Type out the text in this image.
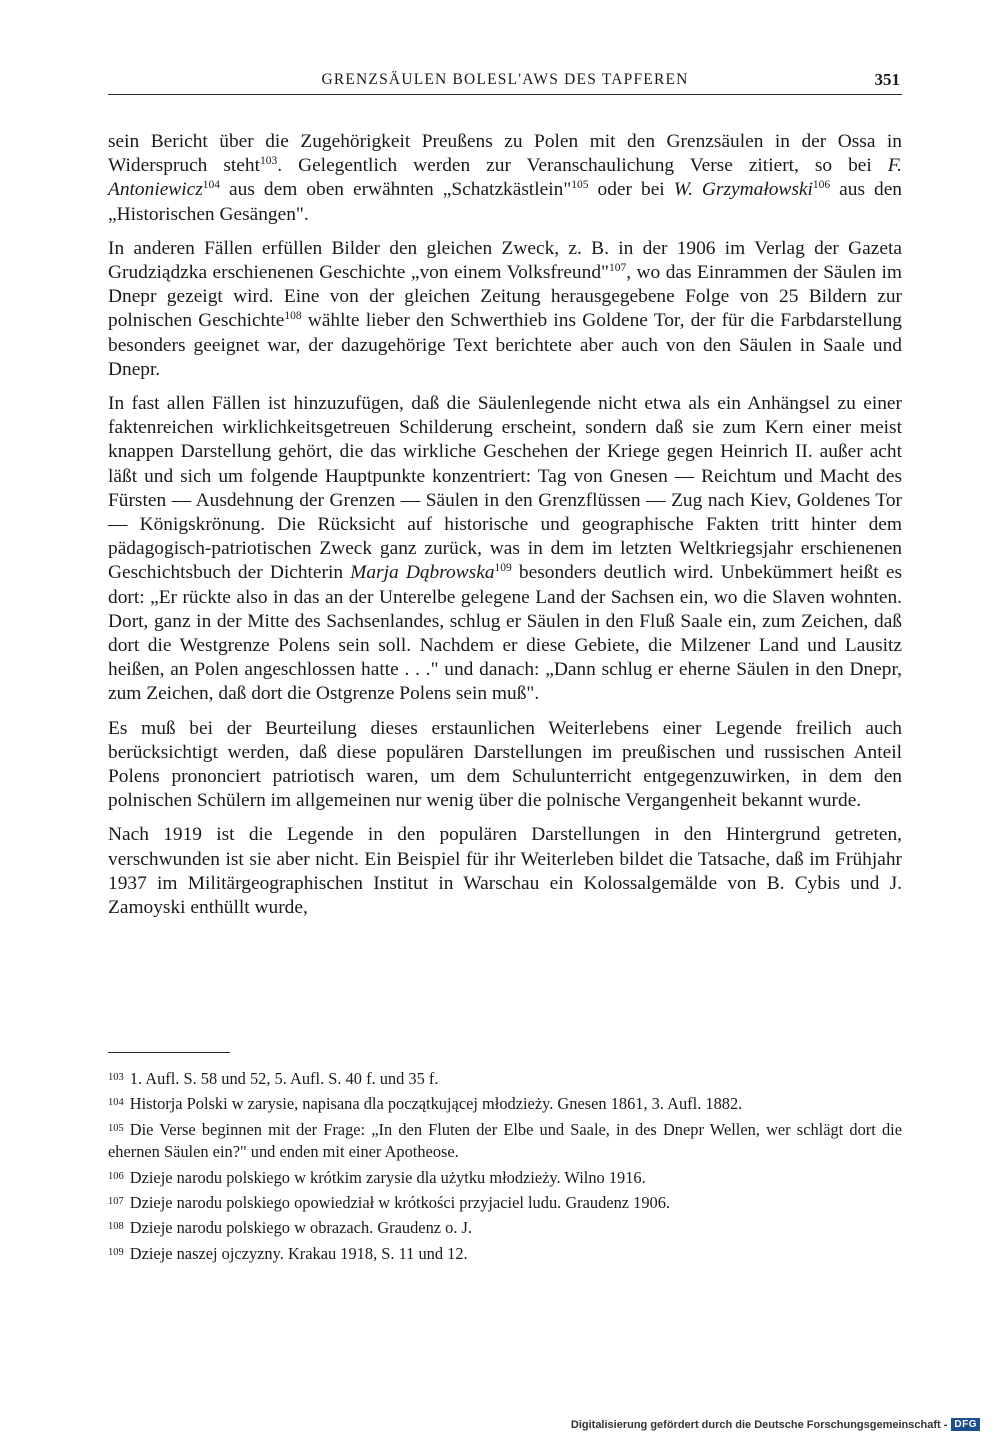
GRENZSÄULEN BOLESL'AWS DES TAPFEREN	351

sein Bericht über die Zugehörigkeit Preußens zu Polen mit den Grenzsäulen in der Ossa in Widerspruch steht$^{103}$. Gelegentlich werden zur Veranschaulichung Verse zitiert, so bei F. Antoniewicz$^{104}$ aus dem oben erwähnten „Schatzkästlein"$^{105}$ oder bei W. Grzymałowski$^{106}$ aus den „Historischen Gesängen".

In anderen Fällen erfüllen Bilder den gleichen Zweck, z. B. in der 1906 im Verlag der Gazeta Grudziądzka erschienenen Geschichte „von einem Volksfreund"$^{107}$, wo das Einrammen der Säulen im Dnepr gezeigt wird. Eine von der gleichen Zeitung herausgegebene Folge von 25 Bildern zur polnischen Geschichte$^{108}$ wählte lieber den Schwerthieb ins Goldene Tor, der für die Farbdarstellung besonders geeignet war, der dazugehörige Text berichtete aber auch von den Säulen in Saale und Dnepr.

In fast allen Fällen ist hinzuzufügen, daß die Säulenlegende nicht etwa als ein Anhängsel zu einer faktenreichen wirklichkeitsgetreuen Schilderung erscheint, sondern daß sie zum Kern einer meist knappen Darstellung gehört, die das wirkliche Geschehen der Kriege gegen Heinrich II. außer acht läßt und sich um folgende Hauptpunkte konzentriert: Tag von Gnesen — Reichtum und Macht des Fürsten — Ausdehnung der Grenzen — Säulen in den Grenzflüssen — Zug nach Kiev, Goldenes Tor — Königskrönung. Die Rücksicht auf historische und geographische Fakten tritt hinter dem pädagogisch-patriotischen Zweck ganz zurück, was in dem im letzten Weltkriegsjahr erschienenen Geschichtsbuch der Dichterin Marja Dąbrowska$^{109}$ besonders deutlich wird. Unbekümmert heißt es dort: „Er rückte also in das an der Unterelbe gelegene Land der Sachsen ein, wo die Slaven wohnten. Dort, ganz in der Mitte des Sachsenlandes, schlug er Säulen in den Fluß Saale ein, zum Zeichen, daß dort die Westgrenze Polens sein soll. Nachdem er diese Gebiete, die Milzener Land und Lausitz heißen, an Polen angeschlossen hatte . . ." und danach: „Dann schlug er eherne Säulen in den Dnepr, zum Zeichen, daß dort die Ostgrenze Polens sein muß".

Es muß bei der Beurteilung dieses erstaunlichen Weiterlebens einer Legende freilich auch berücksichtigt werden, daß diese populären Darstellungen im preußischen und russischen Anteil Polens prononciert patriotisch waren, um dem Schulunterricht entgegenzuwirken, in dem den polnischen Schülern im allgemeinen nur wenig über die polnische Vergangenheit bekannt wurde.

Nach 1919 ist die Legende in den populären Darstellungen in den Hintergrund getreten, verschwunden ist sie aber nicht. Ein Beispiel für ihr Weiterleben bildet die Tatsache, daß im Frühjahr 1937 im Militärgeographischen Institut in Warschau ein Kolossalgemälde von B. Cybis und J. Zamoyski enthüllt wurde,

$^{103}$ 1. Aufl. S. 58 und 52, 5. Aufl. S. 40 f. und 35 f.
$^{104}$ Historja Polski w zarysie, napisana dla początkującej młodzieży. Gnesen 1861, 3. Aufl. 1882.
$^{105}$ Die Verse beginnen mit der Frage: „In den Fluten der Elbe und Saale, in des Dnepr Wellen, wer schlägt dort die ehernen Säulen ein?" und enden mit einer Apotheose.
$^{106}$ Dzieje narodu polskiego w krótkim zarysie dla użytku młodzieży. Wilno 1916.
$^{107}$ Dzieje narodu polskiego opowiedział w krótkości przyjaciel ludu. Graudenz 1906.
$^{108}$ Dzieje narodu polskiego w obrazach. Graudenz o. J.
$^{109}$ Dzieje naszej ojczyzny. Krakau 1918, S. 11 und 12.
Digitalisierung gefördert durch die Deutsche Forschungsgemeinschaft - DFG
